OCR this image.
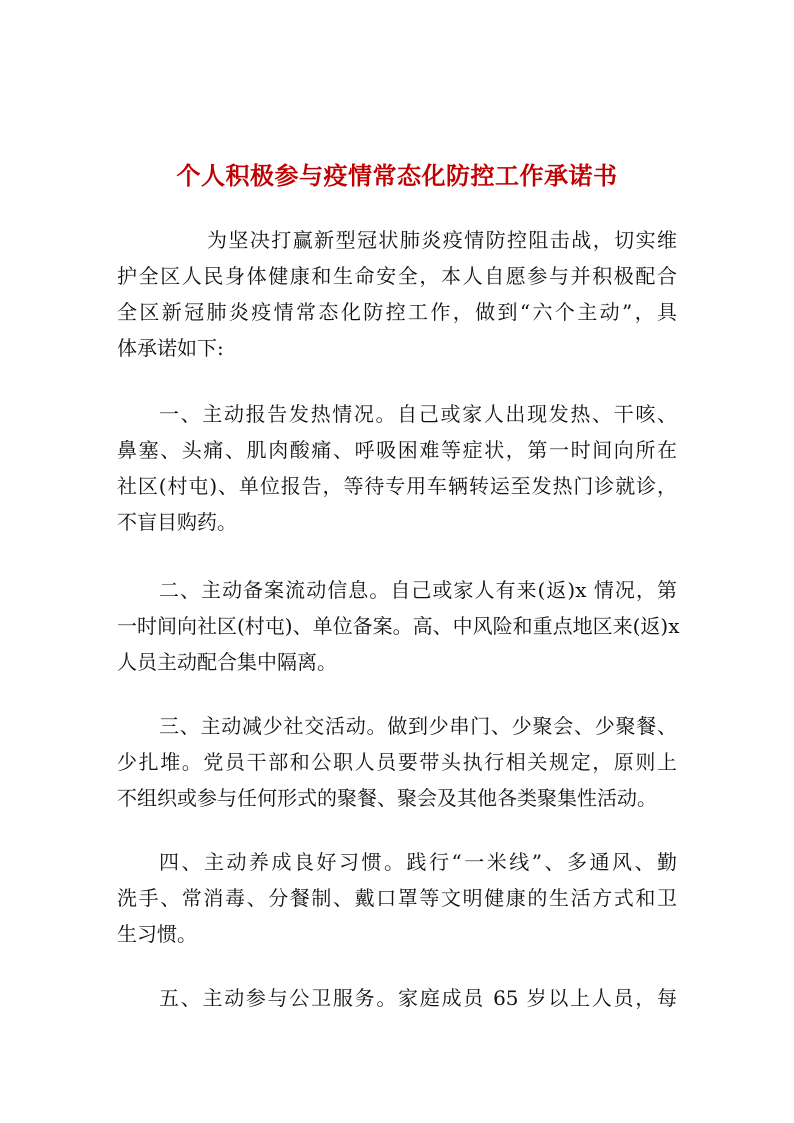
个人积极参与疫情常态化防控工作承诺书
为坚决打赢新型冠状肺炎疫情防控阻击战，切实维
护全区人民身体健康和生命安全，本人自愿参与并积极配合
全区新冠肺炎疫情常态化防控工作，做到“六个主动”，具
体承诺如下:
一、主动报告发热情况。自己或家人出现发热、干咳、
鼻塞、头痛、肌肉酸痛、呼吸困难等症状，第一时间向所在
社区(村屯)、单位报告，等待专用车辆转运至发热门诊就诊，
不盲目购药。
二、主动备案流动信息。自己或家人有来(返)x 情况，第
一时间向社区(村屯)、单位备案。高、中风险和重点地区来(返)x
人员主动配合集中隔离。
三、主动减少社交活动。做到少串门、少聚会、少聚餐、
少扎堆。党员干部和公职人员要带头执行相关规定，原则上
不组织或参与任何形式的聚餐、聚会及其他各类聚集性活动。
四、主动养成良好习惯。践行“一米线”、多通风、勤
洗手、常消毒、分餐制、戴口罩等文明健康的生活方式和卫
生习惯。
五、主动参与公卫服务。家庭成员 65 岁以上人员，每
